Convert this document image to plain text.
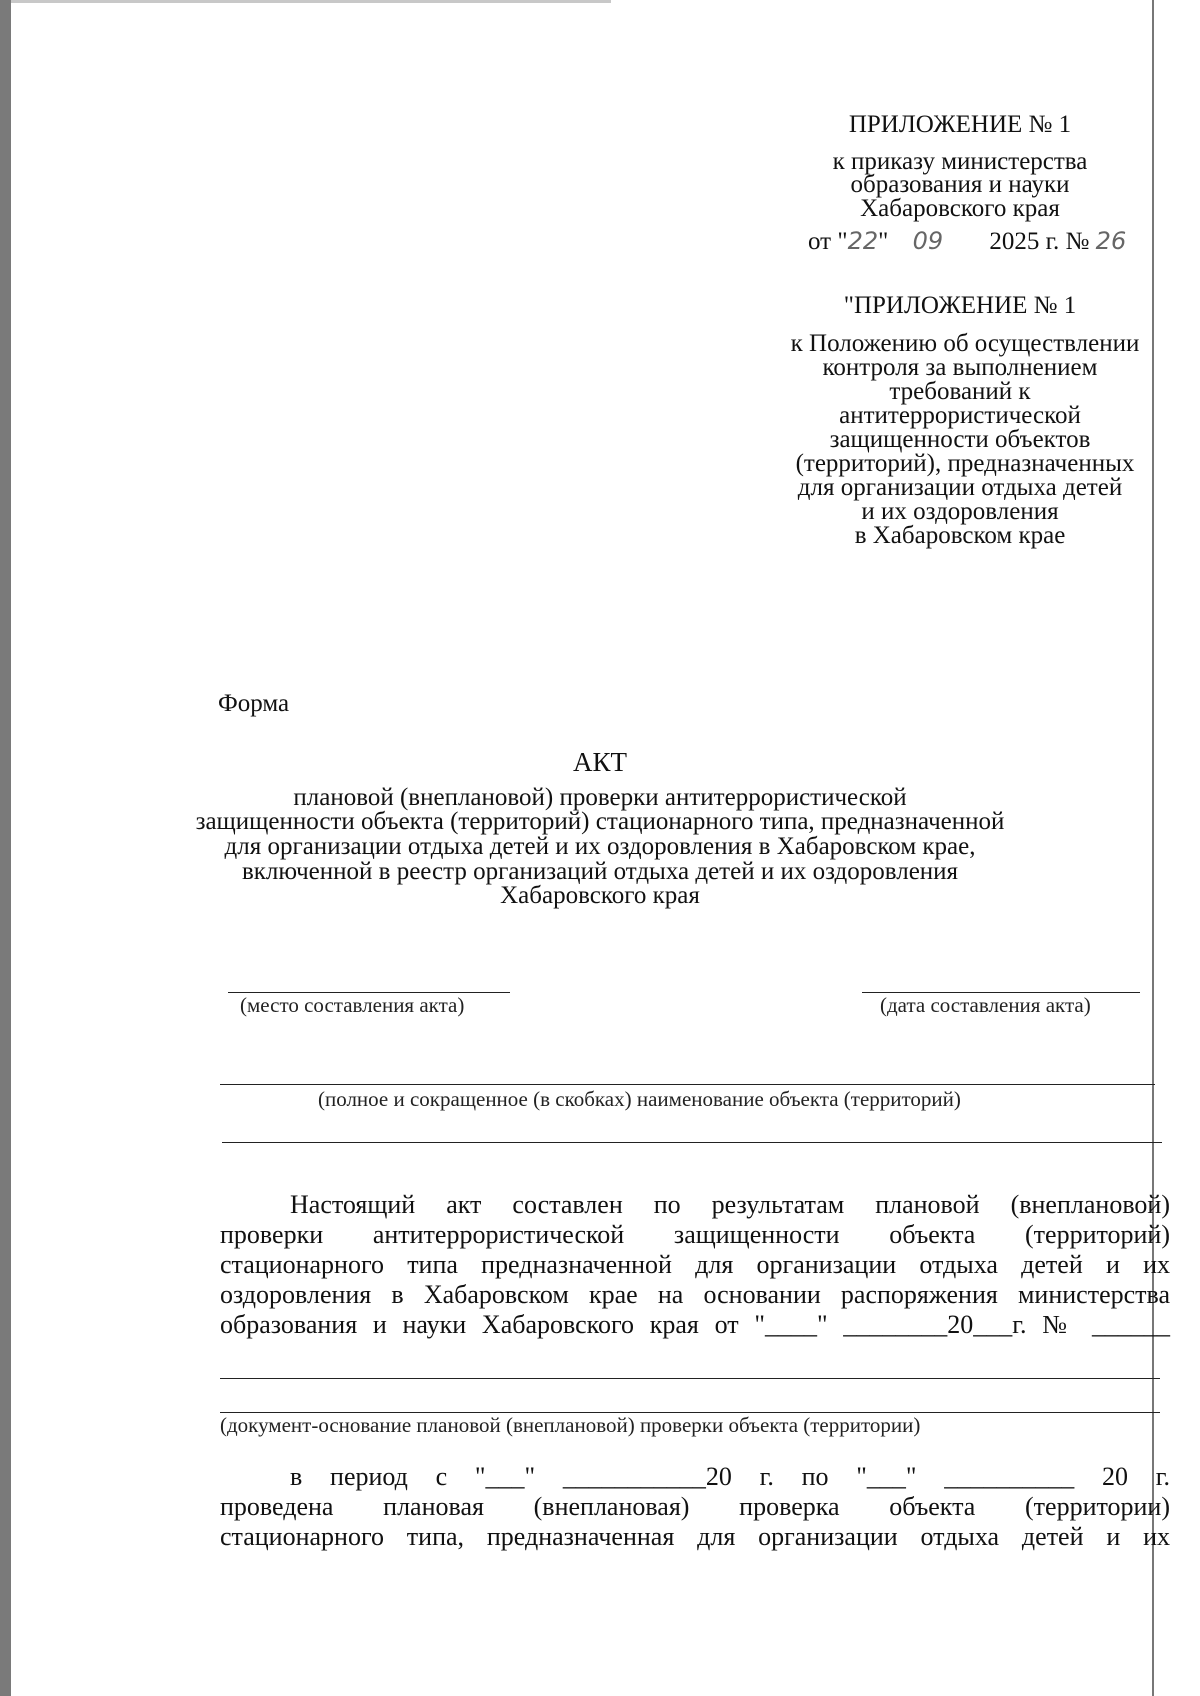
ПРИЛОЖЕНИЕ № 1
к приказу министерства
образования и науки
Хабаровского края
от "22" 09 2025 г. № 26
"ПРИЛОЖЕНИЕ № 1
к Положению об осуществлении
контроля за выполнением
требований к
антитеррористической
защищенности объектов
(территорий), предназначенных
для организации отдыха детей
и их оздоровления
в Хабаровском крае
Форма
АКТ
плановой (внеплановой) проверки антитеррористической
защищенности объекта (территорий) стационарного типа, предназначенной
для организации отдыха детей и их оздоровления в Хабаровском крае,
включенной в реестр организаций отдыха детей и их оздоровления
Хабаровского края
(место составления акта)	(дата составления акта)
(полное и сокращенное (в скобках) наименование объекта (территорий)
Настоящий акт составлен по результатам плановой (внеплановой)
проверки антитеррористической защищенности объекта (территорий)
стационарного типа предназначенной для организации отдыха детей и их
оздоровления в Хабаровском крае на основании распоряжения министерства
образования и науки Хабаровского края от "____" ________20___г. № ______
(документ-основание плановой (внеплановой) проверки объекта (территории)
в период с "___" ___________20 г. по "___" __________ 20 г.
проведена плановая (внеплановая) проверка объекта (территории)
стационарного типа, предназначенная для организации отдыха детей и их
